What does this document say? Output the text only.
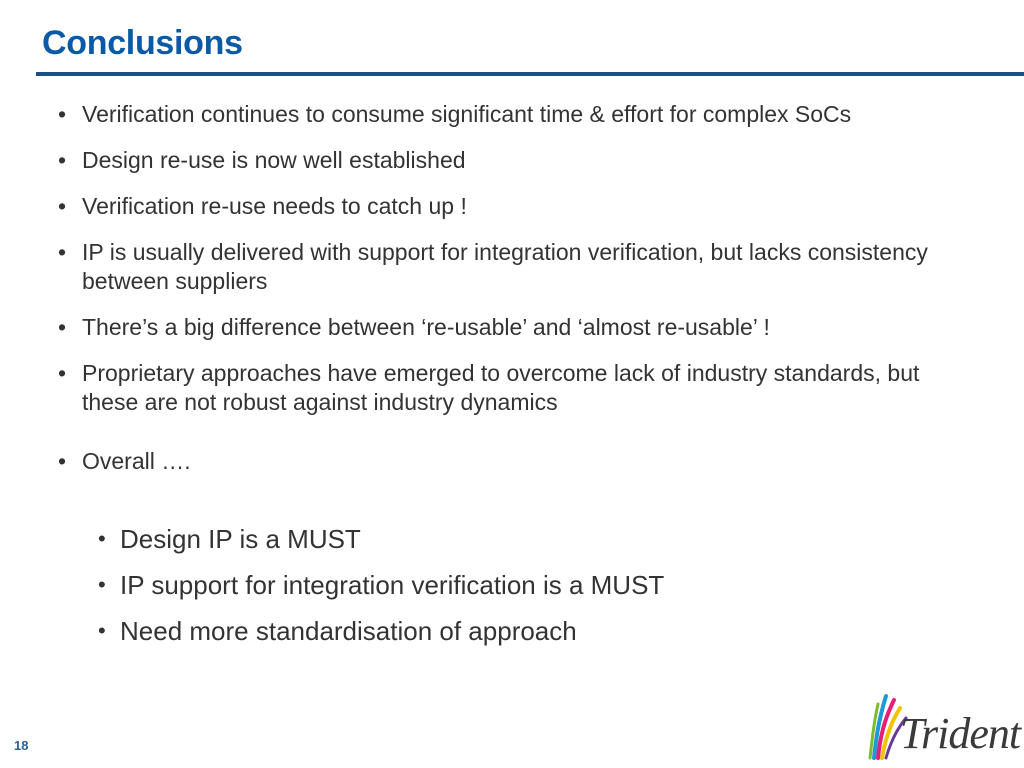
Conclusions
• Verification continues to consume significant time & effort for complex SoCs
• Design re-use is now well established
• Verification re-use needs to catch up !
• IP is usually delivered with support for integration verification, but lacks consistency between suppliers
• There’s a big difference between ‘re-usable’ and ‘almost re-usable’ !
• Proprietary approaches have emerged to overcome lack of industry standards, but these are not robust against industry dynamics
• Overall ….
• Design IP is a MUST
• IP support for integration verification is a MUST
• Need more standardisation of approach
18	Trident
